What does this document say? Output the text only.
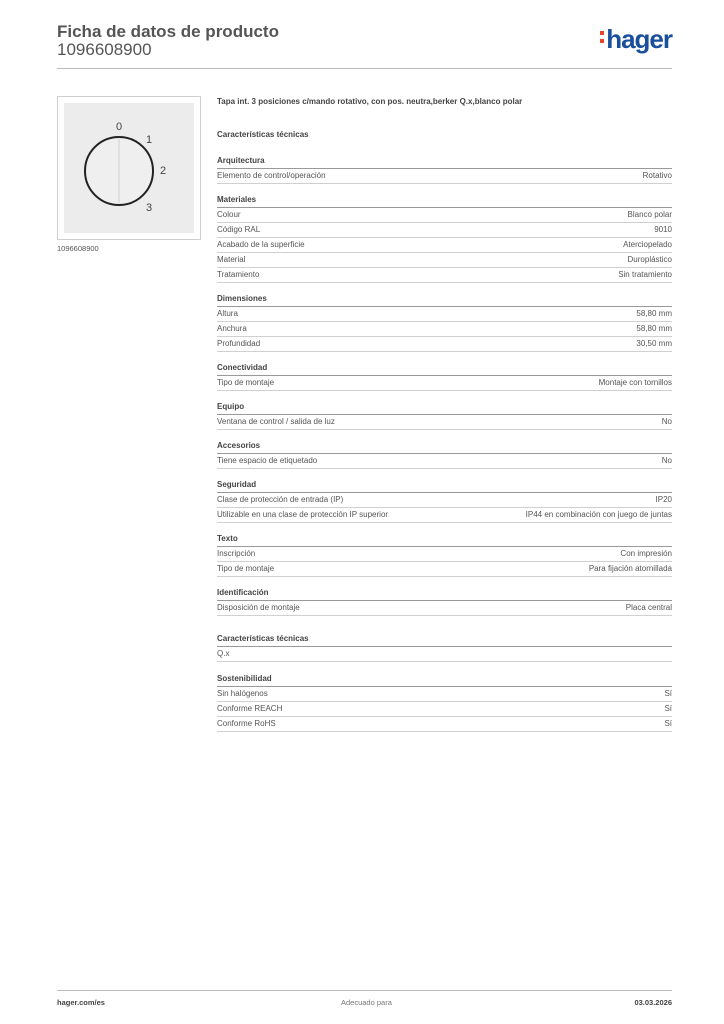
Ficha de datos de producto
1096608900	hager
0
1
2
3
1096608900
Tapa int. 3 posiciones c/mando rotativo, con pos. neutra,berker Q.x,blanco polar
Características técnicas
Arquitectura
Elemento de control/operación	Rotativo
Materiales
Colour	Blanco polar
Código RAL	9010
Acabado de la superficie	Aterciopelado
Material	Duroplástico
Tratamiento	Sin tratamiento
Dimensiones
Altura	58,80 mm
Anchura	58,80 mm
Profundidad	30,50 mm
Conectividad
Tipo de montaje	Montaje con tornillos
Equipo
Ventana de control / salida de luz	No
Accesorios
Tiene espacio de etiquetado	No
Seguridad
Clase de protección de entrada (IP)	IP20
Utilizable en una clase de protección IP superior	IP44 en combinación con juego de juntas
Texto
Inscripción	Con impresión
Tipo de montaje	Para fijación atornillada
Identificación
Disposición de montaje	Placa central
Características técnicas
Q.x
Sostenibilidad
Sin halógenos	Sí
Conforme REACH	Sí
Conforme RoHS	Sí
hager.com/es	Adecuado para	03.03.2026
